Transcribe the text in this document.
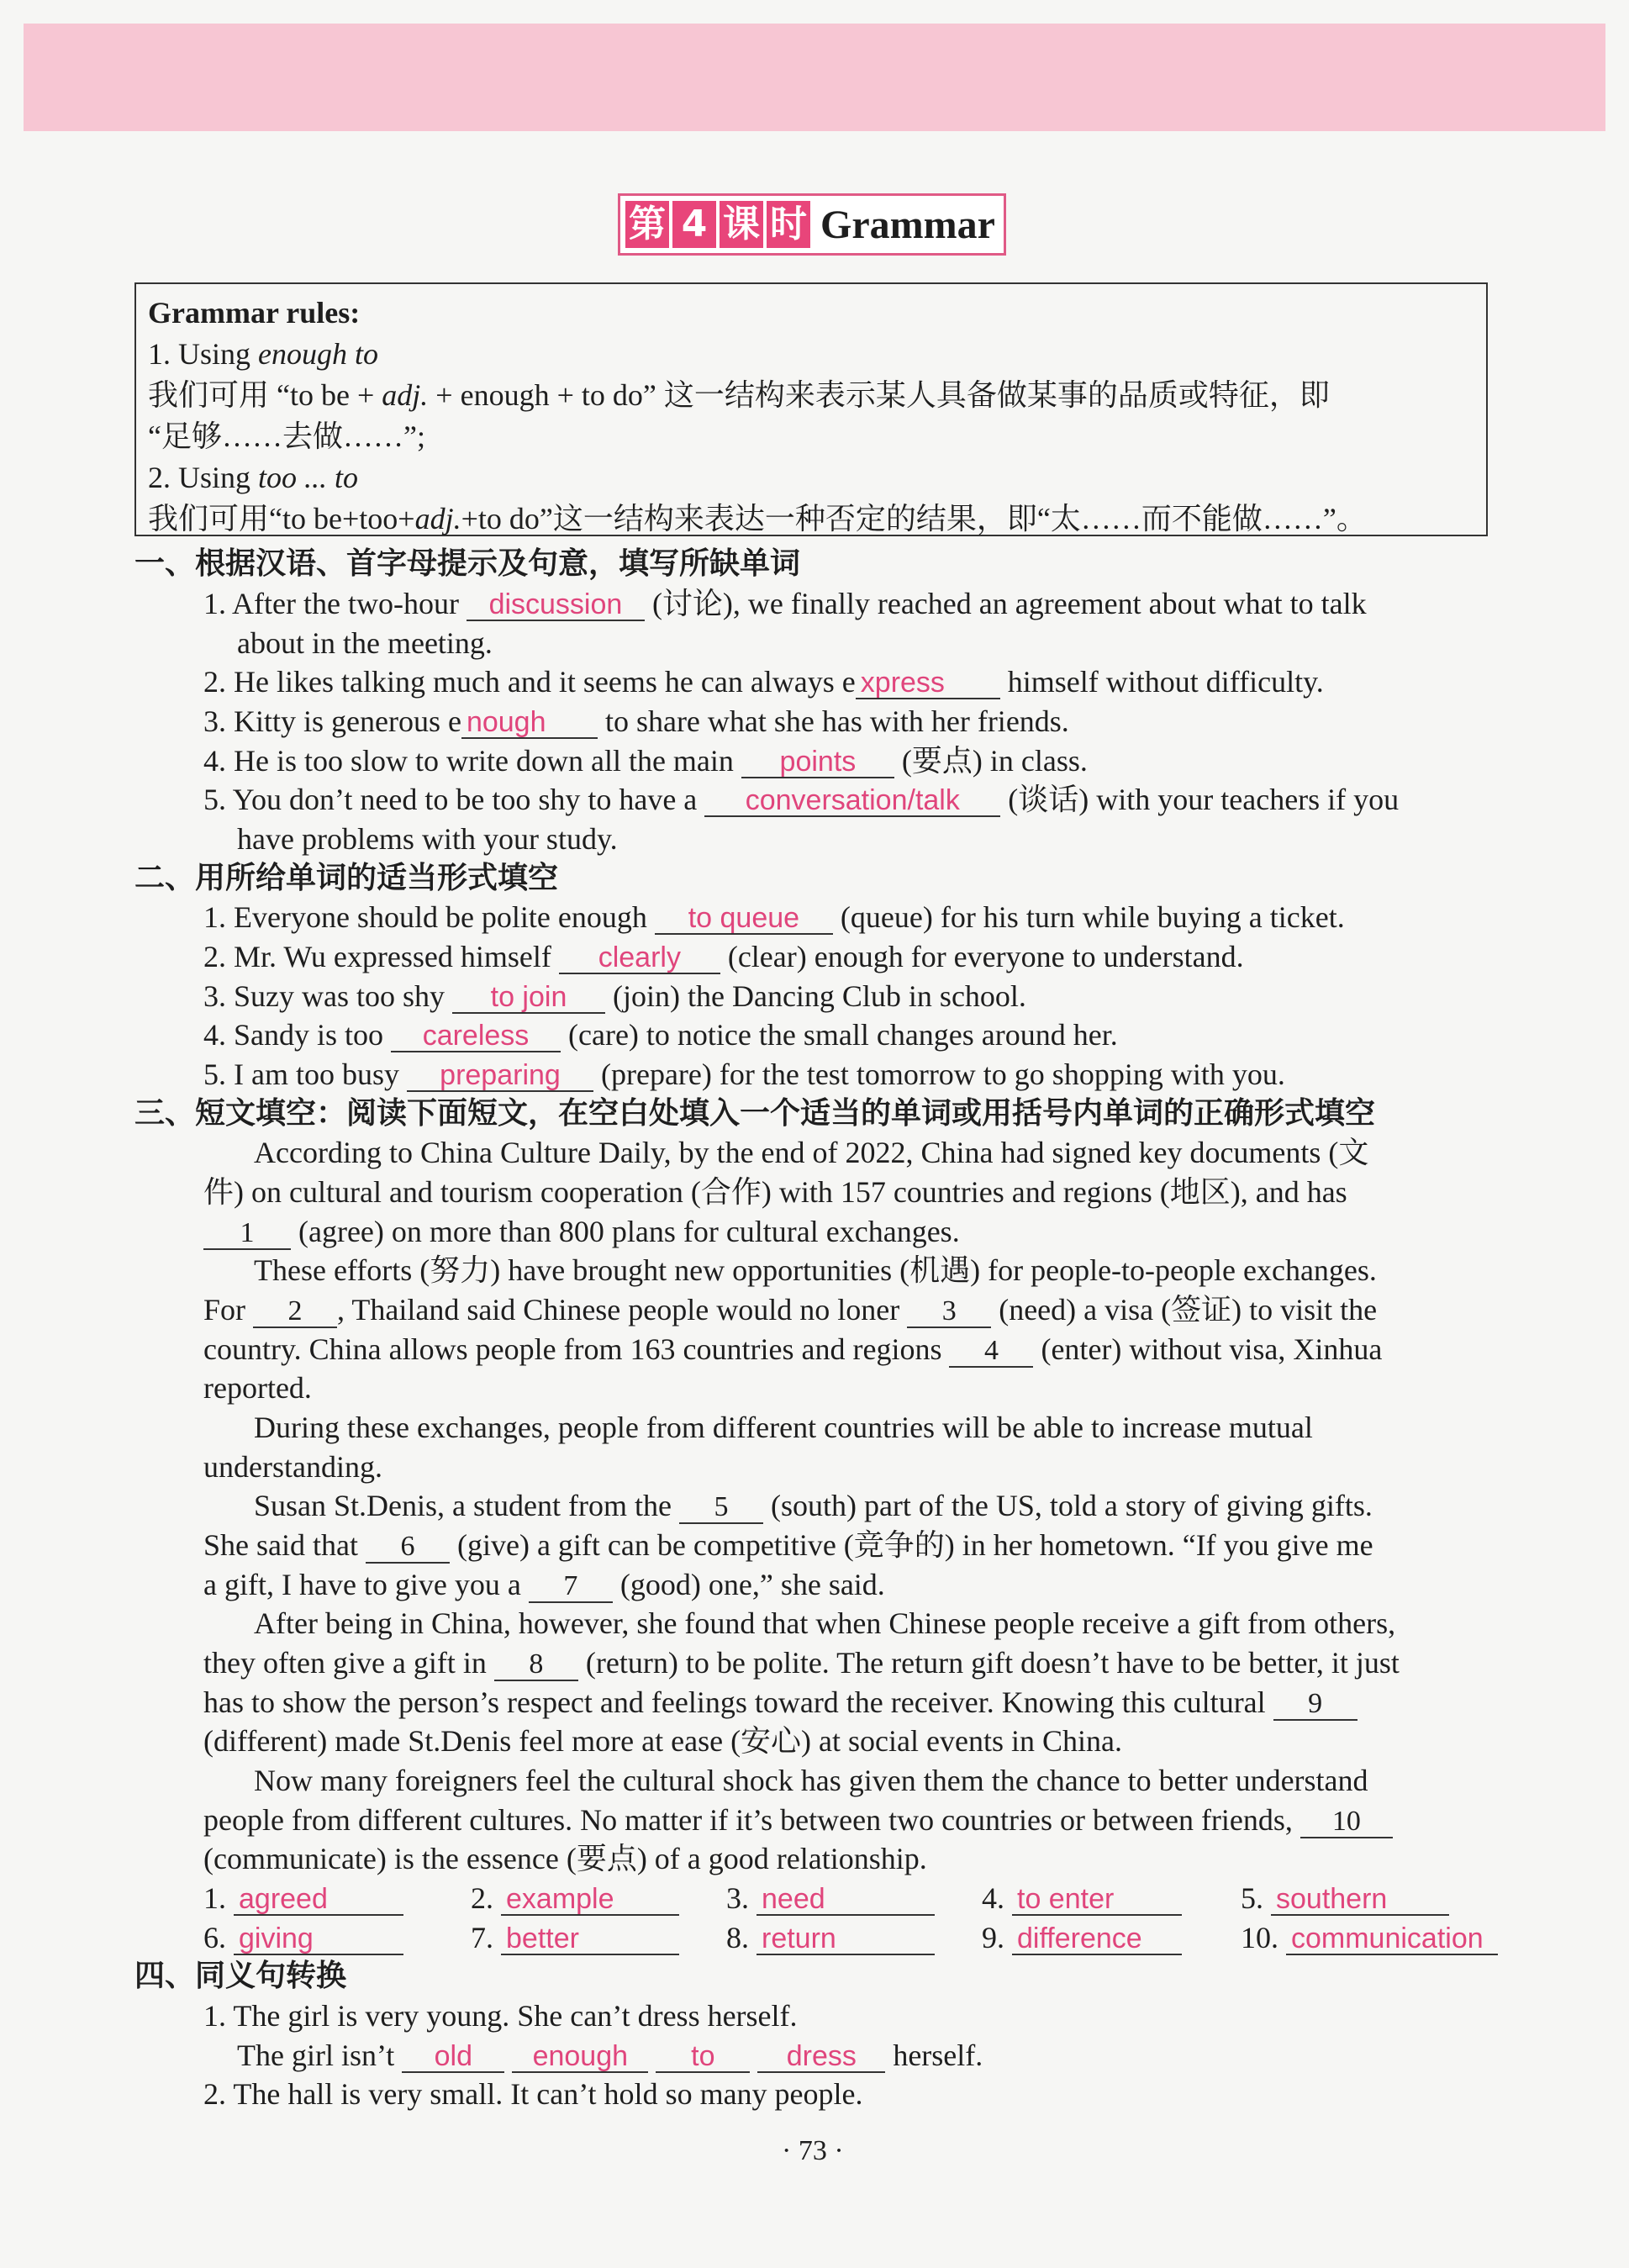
第 4 课 时 Grammar
Grammar rules:
1. Using enough to
我们可用 “to be + adj. + enough + to do” 这一结构来表示某人具备做某事的品质或特征，即
“足够……去做……”;
2. Using too ... to
我们可用“to be+too+adj.+to do”这一结构来表达一种否定的结果，即“太……而不能做……”。
一、根据汉语、首字母提示及句意，填写所缺单词
1. After the two-hour discussion (讨论), we finally reached an agreement about what to talk
about in the meeting.
2. He likes talking much and it seems he can always e xpress himself without difficulty.
3. Kitty is generous e nough to share what she has with her friends.
4. He is too slow to write down all the main points (要点) in class.
5. You don’t need to be too shy to have a conversation/talk (谈话) with your teachers if you
have problems with your study.
二、用所给单词的适当形式填空
1. Everyone should be polite enough to queue (queue) for his turn while buying a ticket.
2. Mr. Wu expressed himself clearly (clear) enough for everyone to understand.
3. Suzy was too shy to join (join) the Dancing Club in school.
4. Sandy is too careless (care) to notice the small changes around her.
5. I am too busy preparing (prepare) for the test tomorrow to go shopping with you.
三、短文填空：阅读下面短文，在空白处填入一个适当的单词或用括号内单词的正确形式填空
According to China Culture Daily, by the end of 2022, China had signed key documents (文
件) on cultural and tourism cooperation (合作) with 157 countries and regions (地区), and has
1 (agree) on more than 800 plans for cultural exchanges.
These efforts (努力) have brought new opportunities (机遇) for people-to-people exchanges.
For 2 , Thailand said Chinese people would no loner 3 (need) a visa (签证) to visit the
country. China allows people from 163 countries and regions 4 (enter) without visa, Xinhua
reported.
During these exchanges, people from different countries will be able to increase mutual
understanding.
Susan St.Denis, a student from the 5 (south) part of the US, told a story of giving gifts.
She said that 6 (give) a gift can be competitive (竞争的) in her hometown. “If you give me
a gift, I have to give you a 7 (good) one,” she said.
After being in China, however, she found that when Chinese people receive a gift from others,
they often give a gift in 8 (return) to be polite. The return gift doesn’t have to be better, it just
has to show the person’s respect and feelings toward the receiver. Knowing this cultural 9
(different) made St.Denis feel more at ease (安心) at social events in China.
Now many foreigners feel the cultural shock has given them the chance to better understand
people from different cultures. No matter if it’s between two countries or between friends, 10
(communicate) is the essence (要点) of a good relationship.
1. agreed	2. example	3. need	4. to enter	5. southern
6. giving	7. better	8. return	9. difference	10. communication
四、同义句转换
1. The girl is very young. She can’t dress herself.
The girl isn’t old enough to	dress herself.
2. The hall is very small. It can’t hold so many people.
· 73 ·
